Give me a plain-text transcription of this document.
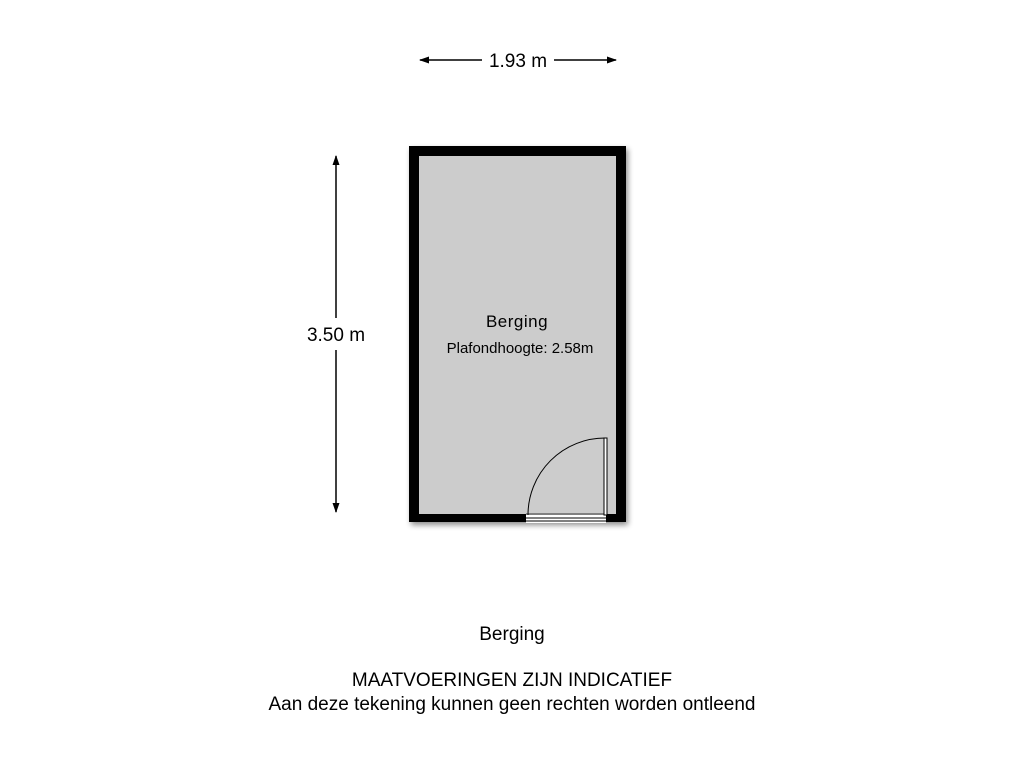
1.93 m
3.50 m
Berging
Plafondhoogte: 2.58m
Berging
MAATVOERINGEN ZIJN INDICATIEF
Aan deze tekening kunnen geen rechten worden ontleend
